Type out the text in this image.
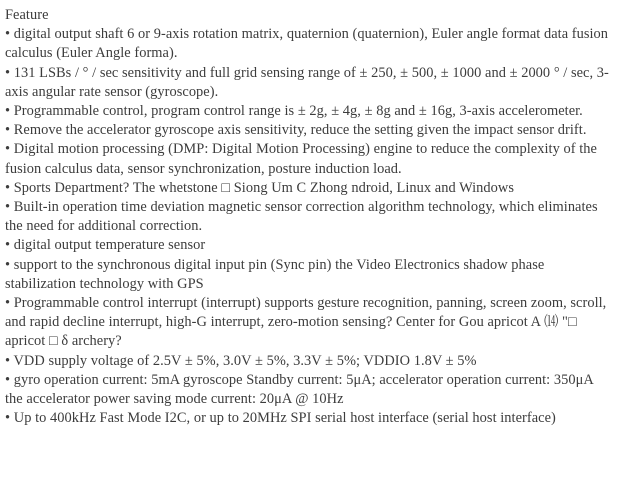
Feature
• digital output shaft 6 or 9-axis rotation matrix, quaternion (quaternion), Euler angle format data fusion calculus (Euler Angle forma).
• 131 LSBs / ° / sec sensitivity and full grid sensing range of ± 250, ± 500, ± 1000 and ± 2000 ° / sec, 3-axis angular rate sensor (gyroscope).
• Programmable control, program control range is ± 2g, ± 4g, ± 8g and ± 16g, 3-axis accelerometer.
• Remove the accelerator gyroscope axis sensitivity, reduce the setting given the impact sensor drift.
• Digital motion processing (DMP: Digital Motion Processing) engine to reduce the complexity of the fusion calculus data, sensor synchronization, posture induction load.
• Sports Department? The whetstone □ Siong Um C Zhong ndroid, Linux and Windows
• Built-in operation time deviation magnetic sensor correction algorithm technology, which eliminates the need for additional correction.
• digital output temperature sensor
• support to the synchronous digital input pin (Sync pin) the Video Electronics shadow phase stabilization technology with GPS
• Programmable control interrupt (interrupt) supports gesture recognition, panning, screen zoom, scroll, and rapid decline interrupt, high-G interrupt, zero-motion sensing? Center for Gou apricot A ⒁ "□ apricot □ δ archery?
• VDD supply voltage of 2.5V ± 5%, 3.0V ± 5%, 3.3V ± 5%; VDDIO 1.8V ± 5%
• gyro operation current: 5mA gyroscope Standby current: 5μA; accelerator operation current: 350μA the accelerator power saving mode current: 20μA @ 10Hz
• Up to 400kHz Fast Mode I2C, or up to 20MHz SPI serial host interface (serial host interface)
